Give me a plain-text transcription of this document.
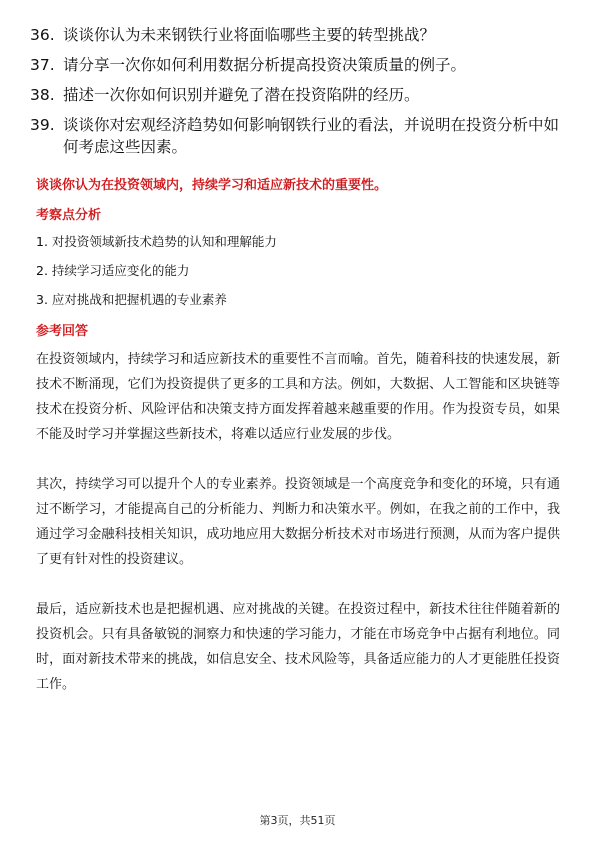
36. 谈谈你认为未来钢铁行业将面临哪些主要的转型挑战？
37. 请分享一次你如何利用数据分析提高投资决策质量的例子。
38. 描述一次你如何识别并避免了潜在投资陷阱的经历。
39. 谈谈你对宏观经济趋势如何影响钢铁行业的看法，并说明在投资分析中如何考虑这些因素。
谈谈你认为在投资领域内，持续学习和适应新技术的重要性。
考察点分析
1. 对投资领域新技术趋势的认知和理解能力
2. 持续学习适应变化的能力
3. 应对挑战和把握机遇的专业素养
参考回答

在投资领域内，持续学习和适应新技术的重要性不言而喻。首先，随着科技的快速发展，新技术不断涌现，它们为投资提供了更多的工具和方法。例如，大数据、人工智能和区块链等技术在投资分析、风险评估和决策支持方面发挥着越来越重要的作用。作为投资专员，如果不能及时学习并掌握这些新技术，将难以适应行业发展的步伐。

其次，持续学习可以提升个人的专业素养。投资领域是一个高度竞争和变化的环境，只有通过不断学习，才能提高自己的分析能力、判断力和决策水平。例如，在我之前的工作中，我通过学习金融科技相关知识，成功地应用大数据分析技术对市场进行预测，从而为客户提供了更有针对性的投资建议。

最后，适应新技术也是把握机遇、应对挑战的关键。在投资过程中，新技术往往伴随着新的投资机会。只有具备敏锐的洞察力和快速的学习能力，才能在市场竞争中占据有利地位。同时，面对新技术带来的挑战，如信息安全、技术风险等，具备适应能力的人才更能胜任投资工作。

第3页，共51页
